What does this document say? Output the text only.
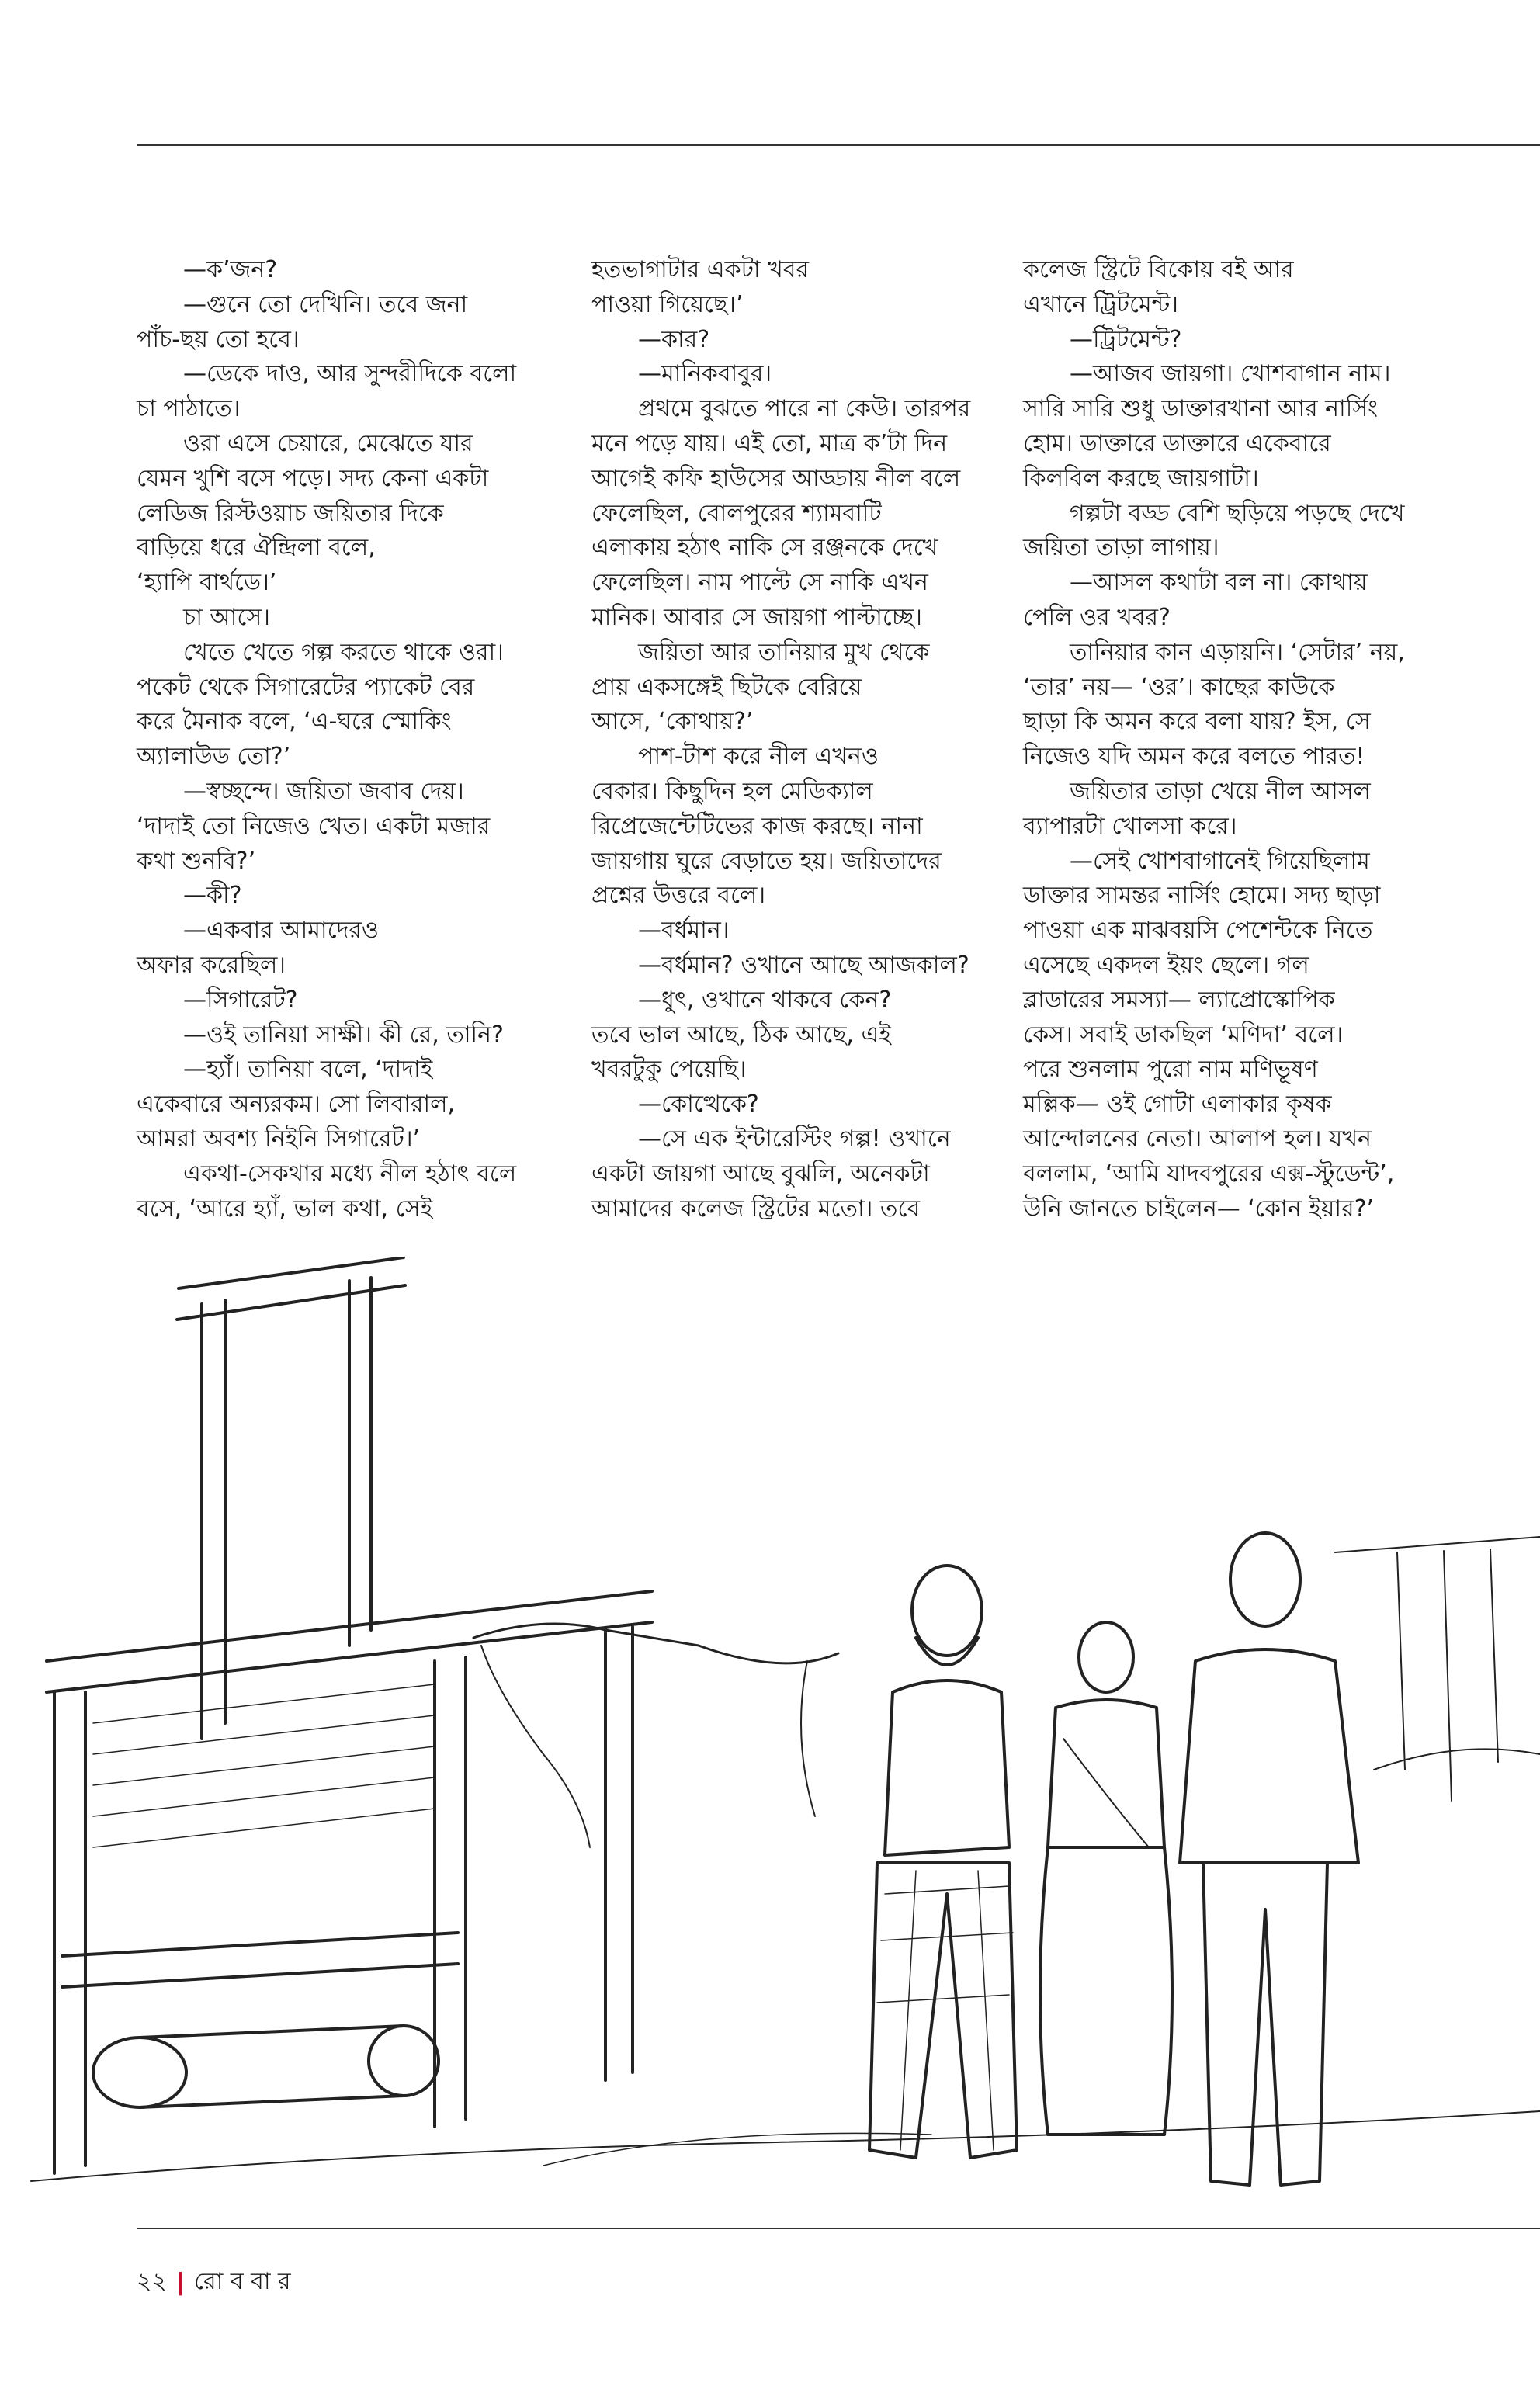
  —ক’জন?

  —গুনে তো দেখিনি। তবে জনা

পাঁচ-ছয় তো হবে।

  —ডেকে দাও, আর সুন্দরীদিকে বলো

চা পাঠাতে।

  ওরা এসে চেয়ারে, মেঝেতে যার

যেমন খুশি বসে পড়ে। সদ্য কেনা একটা

লেডিজ রিস্টওয়াচ জয়িতার দিকে

বাড়িয়ে ধরে ঐন্দ্রিলা বলে,

‘হ্যাপি বার্থডে।’

  চা আসে।

  খেতে খেতে গল্প করতে থাকে ওরা।

পকেট থেকে সিগারেটের প্যাকেট বের

করে মৈনাক বলে, ‘এ-ঘরে স্মোকিং

অ্যালাউড তো?’

  —স্বচ্ছন্দে। জয়িতা জবাব দেয়।

‘দাদাই তো নিজেও খেত। একটা মজার

কথা শুনবি?’

  —কী?

  —একবার আমাদেরও

অফার করেছিল।

  —সিগারেট?

  —ওই তানিয়া সাক্ষী। কী রে, তানি?

  —হ্যাঁ। তানিয়া বলে, ‘দাদাই

একেবারে অন্যরকম। সো লিবারাল,

আমরা অবশ্য নিইনি সিগারেট।’

  একথা-সেকথার মধ্যে নীল হঠাৎ বলে

বসে, ‘আরে হ্যাঁ, ভাল কথা, সেই

হতভাগাটার একটা খবর

পাওয়া গিয়েছে।’

  —কার?

  —মানিকবাবুর।

  প্রথমে বুঝতে পারে না কেউ। তারপর

মনে পড়ে যায়। এই তো, মাত্র ক’টা দিন

আগেই কফি হাউসের আড্ডায় নীল বলে

ফেলেছিল, বোলপুরের শ্যামবাটি

এলাকায় হঠাৎ নাকি সে রঞ্জনকে দেখে

ফেলেছিল। নাম পাল্টে সে নাকি এখন

মানিক। আবার সে জায়গা পাল্টাচ্ছে।

  জয়িতা আর তানিয়ার মুখ থেকে

প্রায় একসঙ্গেই ছিটকে বেরিয়ে

আসে, ‘কোথায়?’

  পাশ-টাশ করে নীল এখনও

বেকার। কিছুদিন হল মেডিক্যাল

রিপ্রেজেন্টেটিভের কাজ করছে। নানা

জায়গায় ঘুরে বেড়াতে হয়। জয়িতাদের

প্রশ্নের উত্তরে বলে।

  —বর্ধমান।

  —বর্ধমান? ওখানে আছে আজকাল?

  —ধুৎ, ওখানে থাকবে কেন?

তবে ভাল আছে, ঠিক আছে, এই

খবরটুকু পেয়েছি।

  —কোত্থেকে?

  —সে এক ইন্টারেস্টিং গল্প! ওখানে

একটা জায়গা আছে বুঝলি, অনেকটা

আমাদের কলেজ স্ট্রিটের মতো। তবে

কলেজ স্ট্রিটে বিকোয় বই আর

এখানে ট্রিটমেন্ট।

  —ট্রিটমেন্ট?

  —আজব জায়গা। খোশবাগান নাম।

সারি সারি শুধু ডাক্তারখানা আর নার্সিং

হোম। ডাক্তারে ডাক্তারে একেবারে

কিলবিল করছে জায়গাটা।

  গল্পটা বড্ড বেশি ছড়িয়ে পড়ছে দেখে

জয়িতা তাড়া লাগায়।

  —আসল কথাটা বল না। কোথায়

পেলি ওর খবর?

  তানিয়ার কান এড়ায়নি। ‘সেটার’ নয়,

‘তার’ নয়— ‘ওর’। কাছের কাউকে

ছাড়া কি অমন করে বলা যায়? ইস, সে

নিজেও যদি অমন করে বলতে পারত!

  জয়িতার তাড়া খেয়ে নীল আসল

ব্যাপারটা খোলসা করে।

  —সেই খোশবাগানেই গিয়েছিলাম

ডাক্তার সামন্তর নার্সিং হোমে। সদ্য ছাড়া

পাওয়া এক মাঝবয়সি পেশেন্টকে নিতে

এসেছে একদল ইয়ং ছেলে। গল

ব্লাডারের সমস্যা— ল্যাপ্রোস্কোপিক

কেস। সবাই ডাকছিল ‘মণিদা’ বলে।

পরে শুনলাম পুরো নাম মণিভূষণ

মল্লিক— ওই গোটা এলাকার কৃষক

আন্দোলনের নেতা। আলাপ হল। যখন

বললাম, ‘আমি যাদবপুরের এক্স-স্টুডেন্ট’,

উনি জানতে চাইলেন— ‘কোন ইয়ার?’

২২ | রো ব বা র
